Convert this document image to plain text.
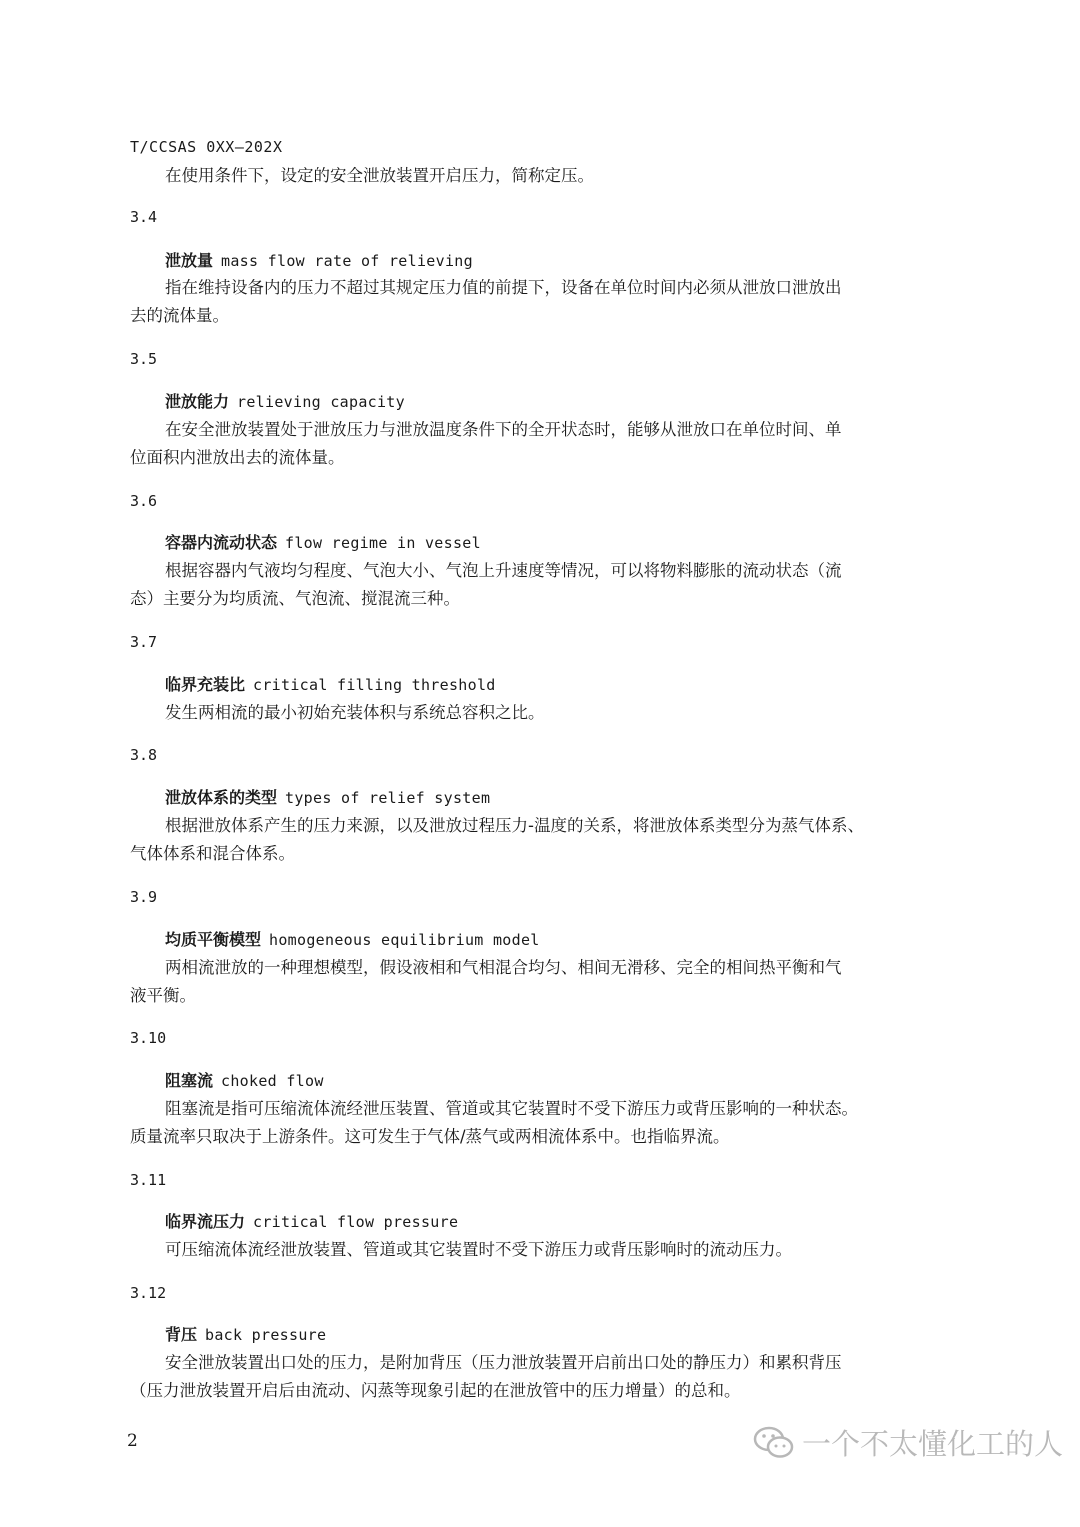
T/CCSAS 0XX—202X
在使用条件下，设定的安全泄放装置开启压力，简称定压。
3.4
泄放量 mass flow rate of relieving
指在维持设备内的压力不超过其规定压力值的前提下，设备在单位时间内必须从泄放口泄放出
去的流体量。
3.5
泄放能力 relieving capacity
在安全泄放装置处于泄放压力与泄放温度条件下的全开状态时，能够从泄放口在单位时间、单
位面积内泄放出去的流体量。
3.6
容器内流动状态 flow regime in vessel
根据容器内气液均匀程度、气泡大小、气泡上升速度等情况，可以将物料膨胀的流动状态（流
态）主要分为均质流、气泡流、搅混流三种。
3.7
临界充装比 critical filling threshold
发生两相流的最小初始充装体积与系统总容积之比。
3.8
泄放体系的类型 types of relief system
根据泄放体系产生的压力来源，以及泄放过程压力-温度的关系，将泄放体系类型分为蒸气体系、
气体体系和混合体系。
3.9
均质平衡模型 homogeneous equilibrium model
两相流泄放的一种理想模型，假设液相和气相混合均匀、相间无滑移、完全的相间热平衡和气
液平衡。
3.10
阻塞流 choked flow
阻塞流是指可压缩流体流经泄压装置、管道或其它装置时不受下游压力或背压影响的一种状态。
质量流率只取决于上游条件。这可发生于气体/蒸气或两相流体系中。也指临界流。
3.11
临界流压力 critical flow pressure
可压缩流体流经泄放装置、管道或其它装置时不受下游压力或背压影响时的流动压力。
3.12
背压 back pressure
安全泄放装置出口处的压力，是附加背压（压力泄放装置开启前出口处的静压力）和累积背压
（压力泄放装置开启后由流动、闪蒸等现象引起的在泄放管中的压力增量）的总和。
2	一个不太懂化工的人
